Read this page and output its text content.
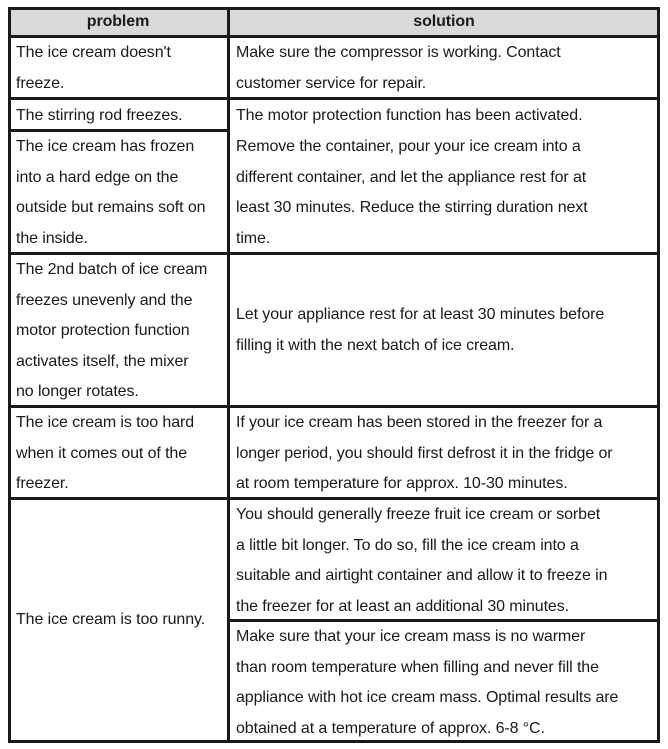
problem	solution
The ice cream doesn't
freeze.
Make sure the compressor is working. Contact
customer service for repair.
The stirring rod freezes.	The motor protection function has been activated.
The ice cream has frozen
into a hard edge on the
outside but remains soft on
the inside.
Remove the container, pour your ice cream into a
different container, and let the appliance rest for at
least 30 minutes. Reduce the stirring duration next
time.
The 2nd batch of ice cream
freezes unevenly and the
motor protection function
activates itself, the mixer
no longer rotates.
Let your appliance rest for at least 30 minutes before
filling it with the next batch of ice cream.
The ice cream is too hard
when it comes out of the
freezer.
If your ice cream has been stored in the freezer for a
longer period, you should first defrost it in the fridge or
at room temperature for approx. 10-30 minutes.
The ice cream is too runny.
You should generally freeze fruit ice cream or sorbet
a little bit longer. To do so, fill the ice cream into a
suitable and airtight container and allow it to freeze in
the freezer for at least an additional 30 minutes.
Make sure that your ice cream mass is no warmer
than room temperature when filling and never fill the
appliance with hot ice cream mass. Optimal results are
obtained at a temperature of approx. 6-8 °C.
